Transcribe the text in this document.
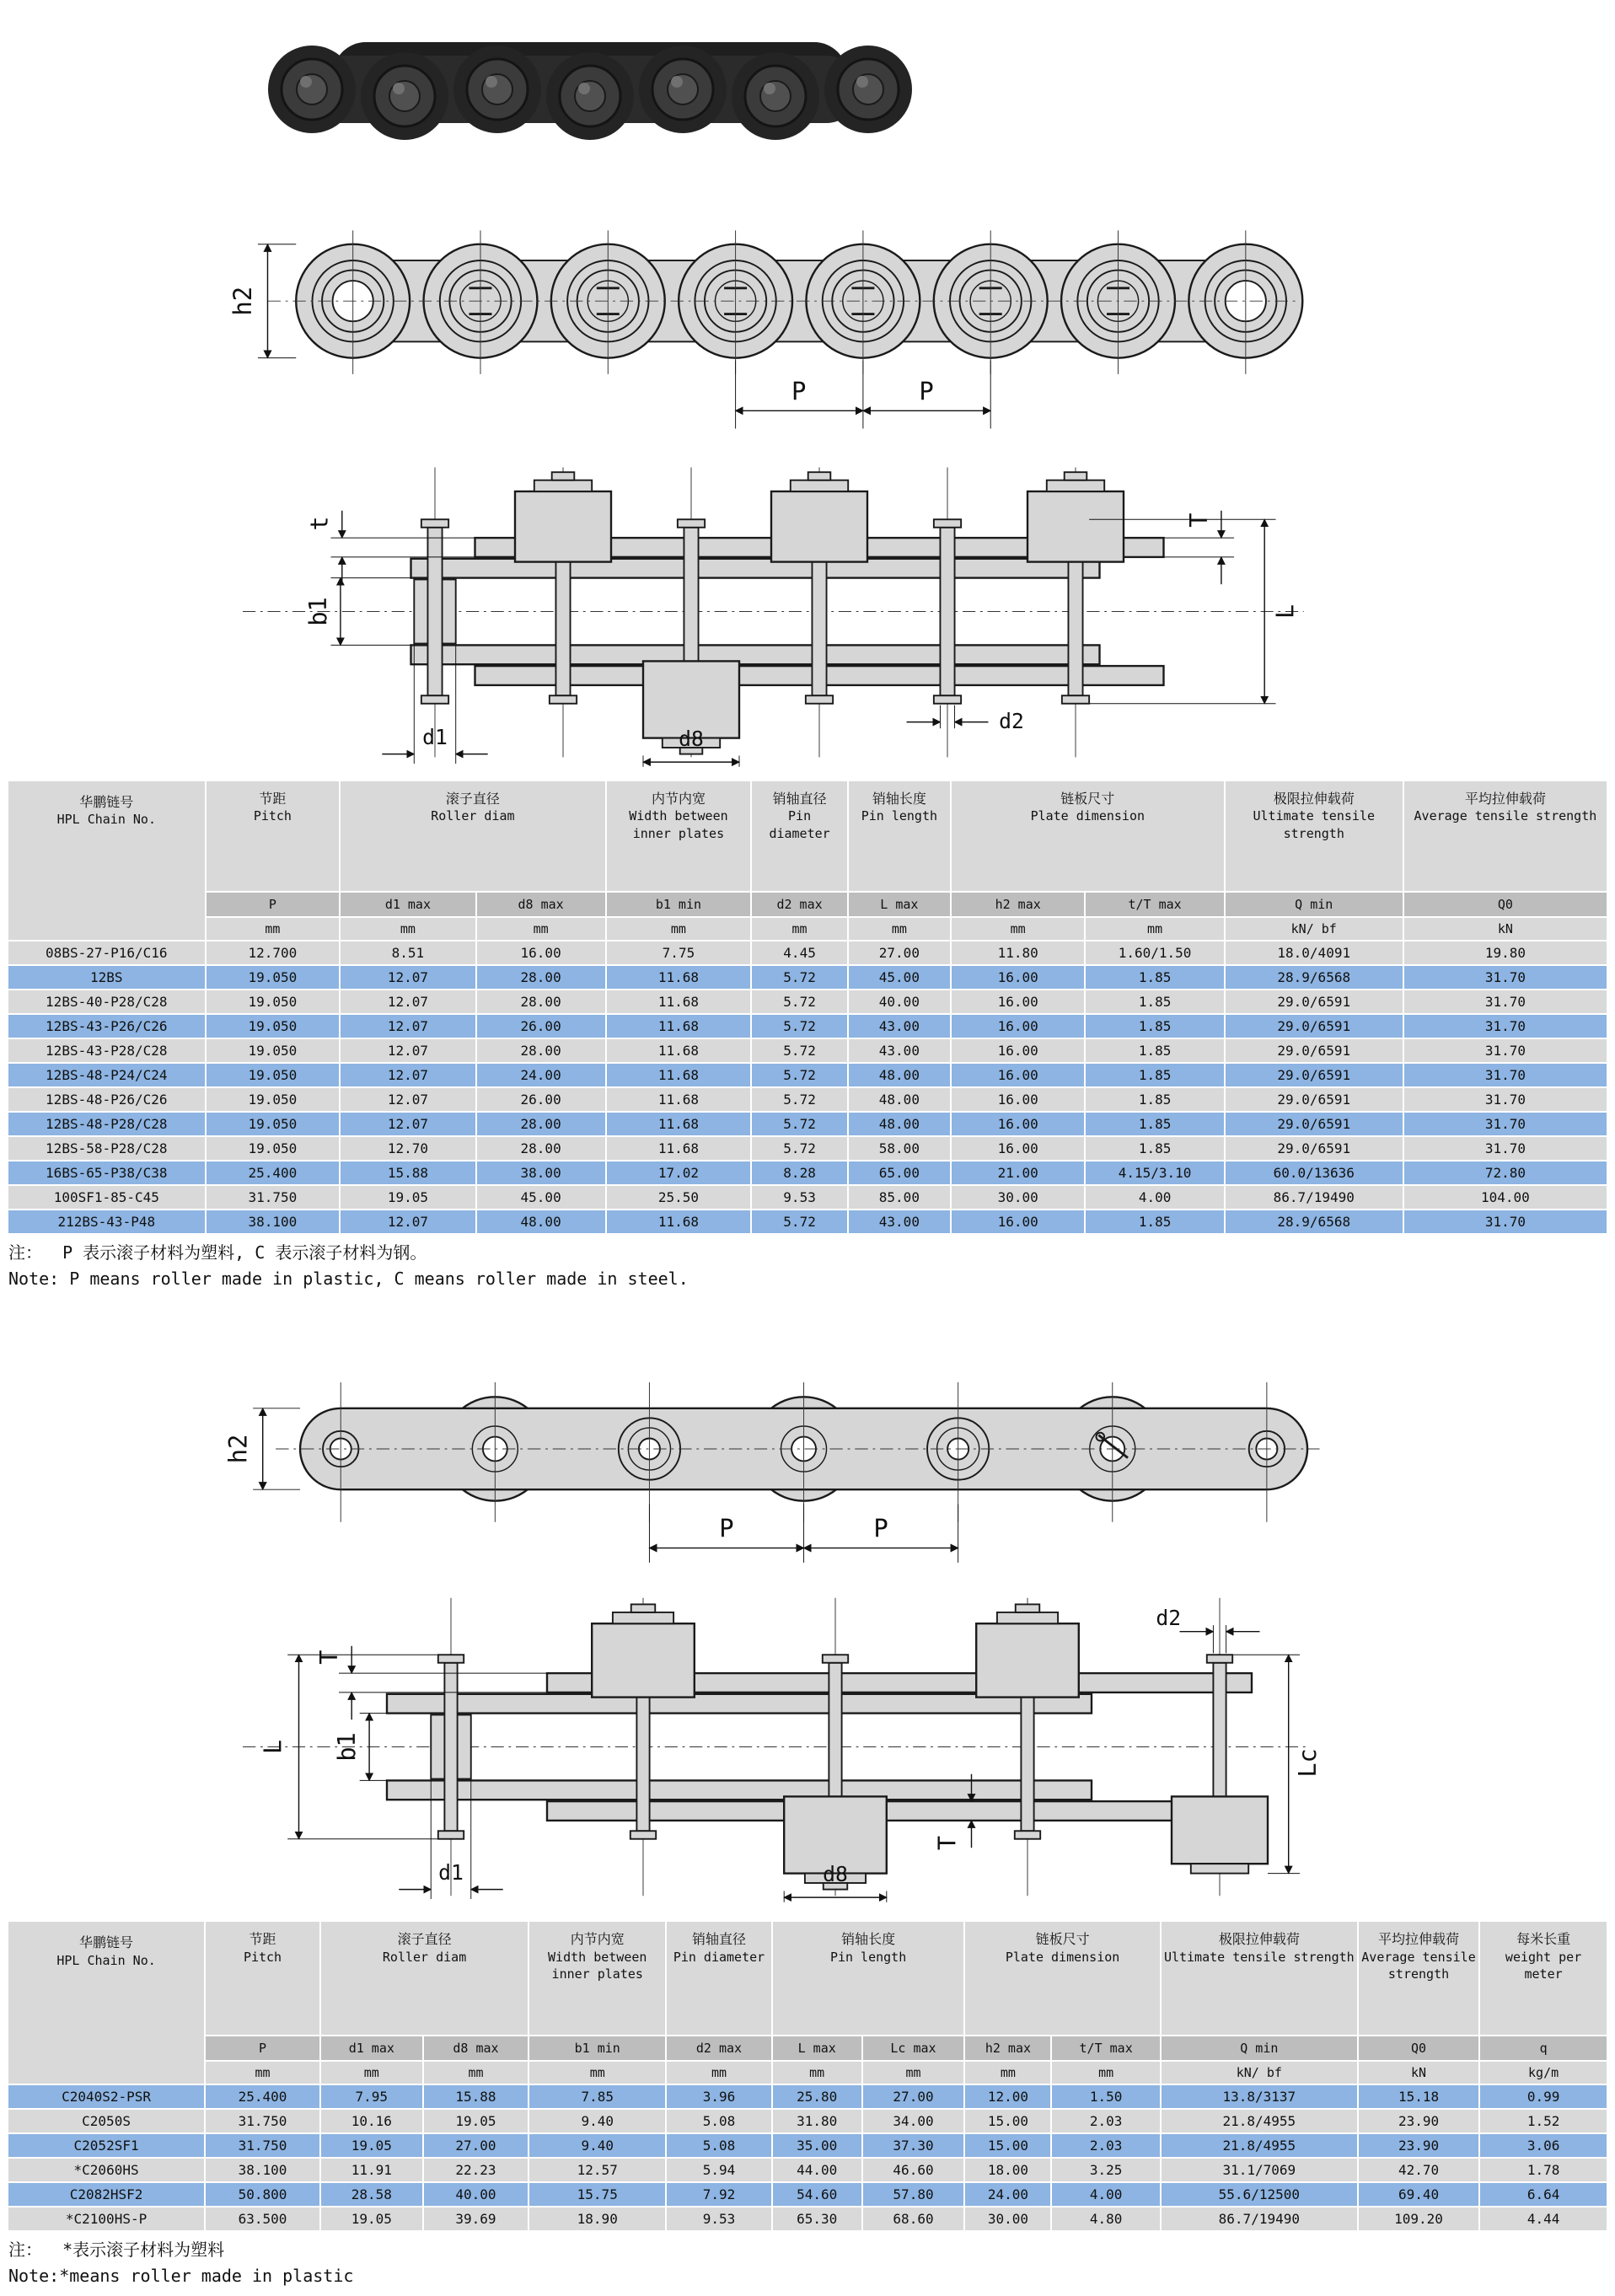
h2
P	P
t
b1	L
T
d1	d8
d2
华鹏链号
HPL Chain No.

节距
Pitch

滚子直径
Roller diam

内节内宽
Width between inner plates

销轴直径
Pin diameter

销轴长度
Pin length

链板尺寸
Plate dimension

极限拉伸载荷
Ultimate tensile strength

平均拉伸载荷
Average tensile strength

	P	d1 max	d8 max	b1 min	d2 max	L max	h2 max	t/T max	Q min	Q0
	mm	mm	mm	mm	mm	mm	mm	mm	kN/ bf	kN
08BS-27-P16/C16	12.700	8.51	16.00	7.75	4.45	27.00	11.80	1.60/1.50	18.0/4091	19.80
12BS	19.050	12.07	28.00	11.68	5.72	45.00	16.00	1.85	28.9/6568	31.70
12BS-40-P28/C28	19.050	12.07	28.00	11.68	5.72	40.00	16.00	1.85	29.0/6591	31.70
12BS-43-P26/C26	19.050	12.07	26.00	11.68	5.72	43.00	16.00	1.85	29.0/6591	31.70
12BS-43-P28/C28	19.050	12.07	28.00	11.68	5.72	43.00	16.00	1.85	29.0/6591	31.70
12BS-48-P24/C24	19.050	12.07	24.00	11.68	5.72	48.00	16.00	1.85	29.0/6591	31.70
12BS-48-P26/C26	19.050	12.07	26.00	11.68	5.72	48.00	16.00	1.85	29.0/6591	31.70
12BS-48-P28/C28	19.050	12.07	28.00	11.68	5.72	48.00	16.00	1.85	29.0/6591	31.70
12BS-58-P28/C28	19.050	12.70	28.00	11.68	5.72	58.00	16.00	1.85	29.0/6591	31.70
16BS-65-P38/C38	25.400	15.88	38.00	17.02	8.28	65.00	21.00	4.15/3.10	60.0/13636	72.80
100SF1-85-C45	31.750	19.05	45.00	25.50	9.53	85.00	30.00	4.00	86.7/19490	104.00
212BS-43-P48	38.100	12.07	48.00	11.68	5.72	43.00	16.00	1.85	28.9/6568	31.70
注：  P 表示滚子材料为塑料, C 表示滚子材料为钢。
Note: P means roller made in plastic, C means roller made in steel.
h2
P	P
L
T
b1
d2
Lc
T
d1	d8
华鹏链号
HPL Chain No.

节距
Pitch

滚子直径
Roller diam

内节内宽
Width between inner plates

销轴直径
Pin diameter

销轴长度
Pin length

链板尺寸
Plate dimension

极限拉伸载荷
Ultimate tensile strength

平均拉伸载荷
Average tensile strength

每米长重
weight per meter

	P	d1 max	d8 max	b1 min	d2 max	L max	Lc max	h2 max	t/T max	Q min	Q0	q
	mm	mm	mm	mm	mm	mm	mm	mm	mm	kN/ bf	kN	kg/m
C2040S2-PSR	25.400	7.95	15.88	7.85	3.96	25.80	27.00	12.00	1.50	13.8/3137	15.18	0.99
C2050S	31.750	10.16	19.05	9.40	5.08	31.80	34.00	15.00	2.03	21.8/4955	23.90	1.52
C2052SF1	31.750	19.05	27.00	9.40	5.08	35.00	37.30	15.00	2.03	21.8/4955	23.90	3.06
*C2060HS	38.100	11.91	22.23	12.57	5.94	44.00	46.60	18.00	3.25	31.1/7069	42.70	1.78
C2082HSF2	50.800	28.58	40.00	15.75	7.92	54.60	57.80	24.00	4.00	55.6/12500	69.40	6.64
*C2100HS-P	63.500	19.05	39.69	18.90	9.53	65.30	68.60	30.00	4.80	86.7/19490	109.20	4.44
注：  *表示滚子材料为塑料
Note:*means roller made in plastic
